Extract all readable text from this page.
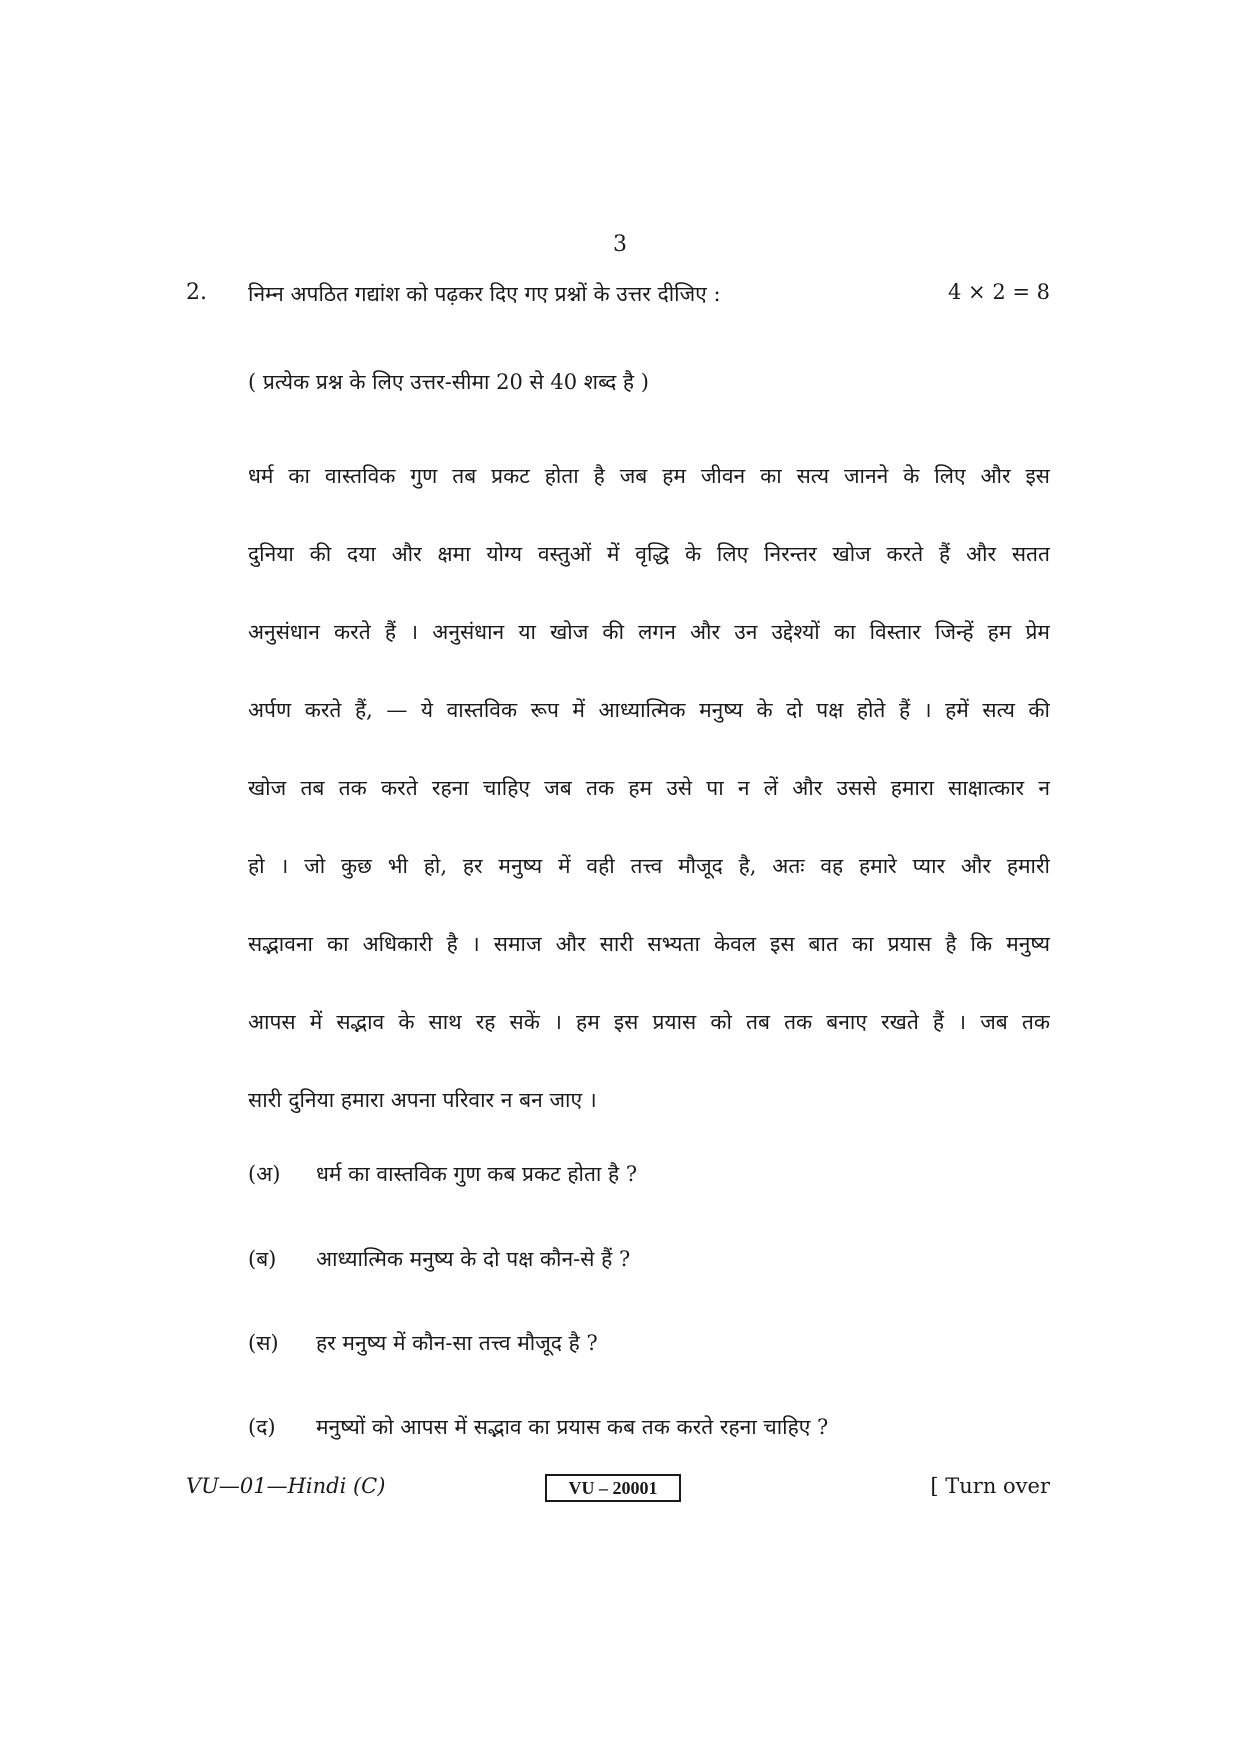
3
2. निम्न अपठित गद्यांश को पढ़कर दिए गए प्रश्नों के उत्तर दीजिए :	4 × 2 = 8
( प्रत्येक प्रश्न के लिए उत्तर-सीमा 20 से 40 शब्द है )
धर्म का वास्तविक गुण तब प्रकट होता है जब हम जीवन का सत्य जानने के लिए और इस
दुनिया की दया और क्षमा योग्य वस्तुओं में वृद्धि के लिए निरन्तर खोज करते हैं और सतत
अनुसंधान करते हैं । अनुसंधान या खोज की लगन और उन उद्देश्यों का विस्तार जिन्हें हम प्रेम
अर्पण करते हैं, — ये वास्तविक रूप में आध्यात्मिक मनुष्य के दो पक्ष होते हैं । हमें सत्य की
खोज तब तक करते रहना चाहिए जब तक हम उसे पा न लें और उससे हमारा साक्षात्कार न
हो । जो कुछ भी हो, हर मनुष्य में वही तत्त्व मौजूद है, अतः वह हमारे प्यार और हमारी
सद्भावना का अधिकारी है । समाज और सारी सभ्यता केवल इस बात का प्रयास है कि मनुष्य
आपस में सद्भाव के साथ रह सकें । हम इस प्रयास को तब तक बनाए रखते हैं । जब तक
सारी दुनिया हमारा अपना परिवार न बन जाए ।
(अ) धर्म का वास्तविक गुण कब प्रकट होता है ?
(ब) आध्यात्मिक मनुष्य के दो पक्ष कौन-से हैं ?
(स) हर मनुष्य में कौन-सा तत्त्व मौजूद है ?
(द) मनुष्यों को आपस में सद्भाव का प्रयास कब तक करते रहना चाहिए ?
VU—01—Hindi (C)	VU – 20001	[ Turn over
